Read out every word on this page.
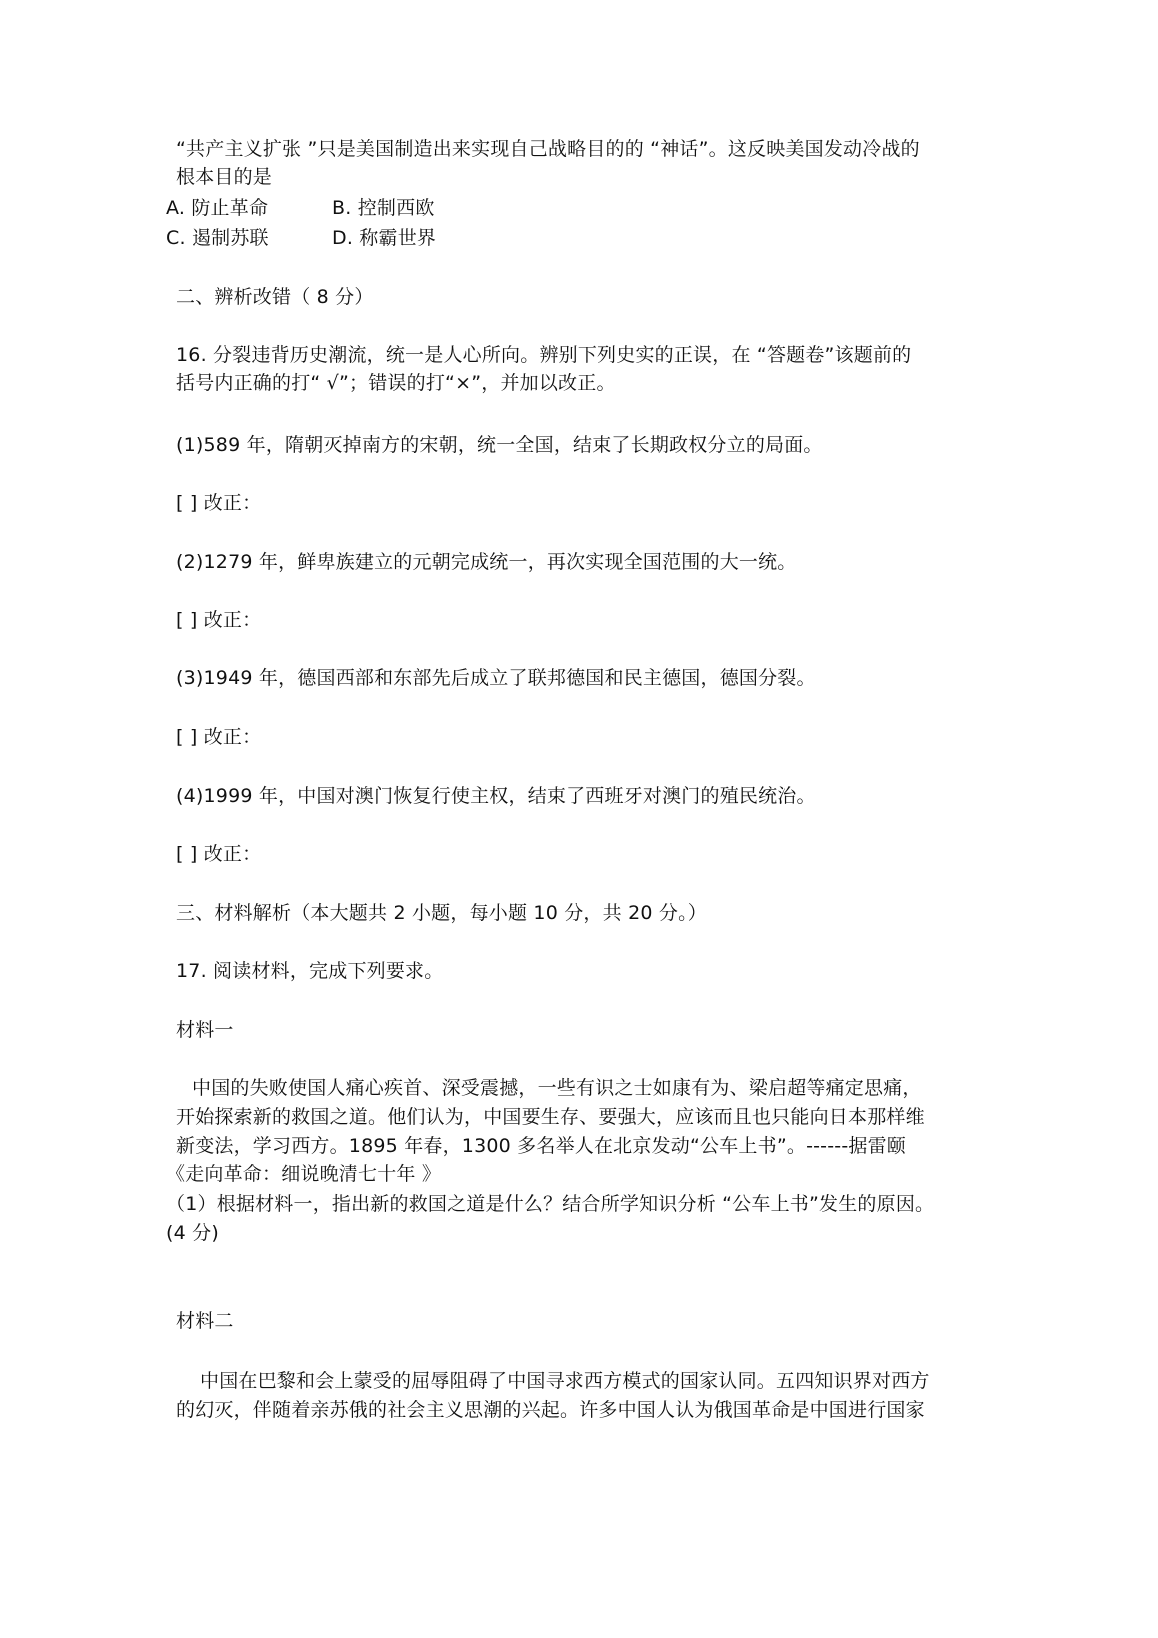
“共产主义扩张 ”只是美国制造出来实现自己战略目的的 “神话”。这反映美国发动冷战的
根本目的是
A. 防止革命	B. 控制西欧
C. 遏制苏联	D. 称霸世界
二、辨析改错（ 8 分）
16. 分裂违背历史潮流，统一是人心所向。辨别下列史实的正误，在 “答题卷”该题前的
括号内正确的打“ √”；错误的打“×”，并加以改正。
(1)589 年，隋朝灭掉南方的宋朝，统一全国，结束了长期政权分立的局面。
[ ] 改正：
(2)1279 年，鲜卑族建立的元朝完成统一，再次实现全国范围的大一统。
[ ] 改正：
(3)1949 年，德国西部和东部先后成立了联邦德国和民主德国，德国分裂。
[ ] 改正：
(4)1999 年，中国对澳门恢复行使主权，结束了西班牙对澳门的殖民统治。
[ ] 改正：
三、材料解析（本大题共 2 小题，每小题 10 分，共 20 分。）
17. 阅读材料，完成下列要求。
材料一
中国的失败使国人痛心疾首、深受震撼，一些有识之士如康有为、梁启超等痛定思痛，
开始探索新的救国之道。他们认为，中国要生存、要强大，应该而且也只能向日本那样维
新变法，学习西方。1895 年春，1300 多名举人在北京发动“公车上书”。------据雷颐
《走向革命：细说晚清七十年 》
（1）根据材料一，指出新的救国之道是什么？结合所学知识分析 “公车上书”发生的原因。
(4 分)
材料二
中国在巴黎和会上蒙受的屈辱阻碍了中国寻求西方模式的国家认同。五四知识界对西方
的幻灭，伴随着亲苏俄的社会主义思潮的兴起。许多中国人认为俄国革命是中国进行国家
